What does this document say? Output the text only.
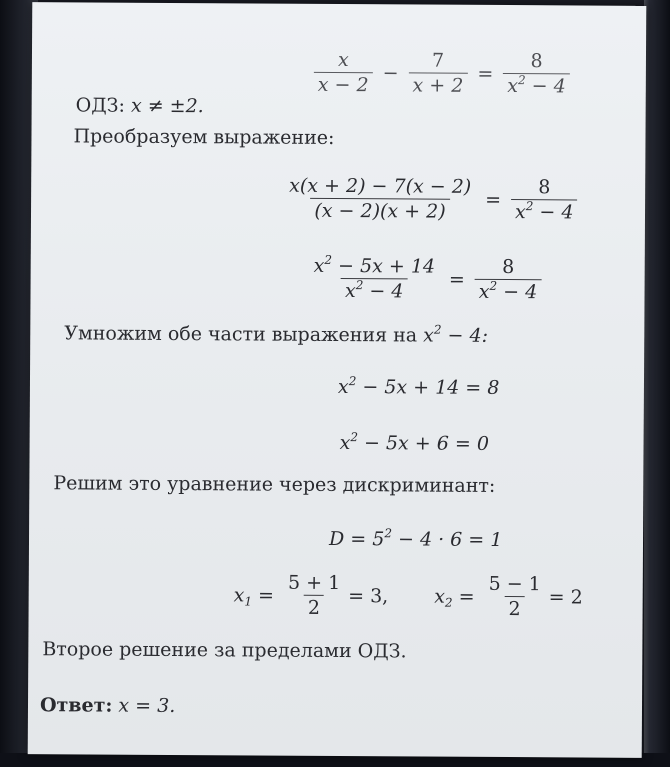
$\frac{x}{x - 2} - \frac{7}{x + 2} = \frac{8}{x^2 - 4}$
ОДЗ: x ≠ ±2.
Преобразуем выражение:
$\frac{x(x + 2) - 7(x - 2)}{(x - 2)(x + 2)} = \frac{8}{x^2 - 4}$
$\frac{x^2 - 5x + 14}{x^2 - 4} = \frac{8}{x^2 - 4}$
Умножим обе части выражения на $x^2 - 4$:
$x^2 - 5x + 14 = 8$
$x^2 - 5x + 6 = 0$
Решим это уравнение через дискриминант:
$D = 5^2 - 4 \cdot 6 = 1$
$x_1 = \frac{5 + 1}{2} = 3$, $x_2 = \frac{5 - 1}{2} = 2$
Второе решение за пределами ОДЗ.
Ответ: x = 3.
